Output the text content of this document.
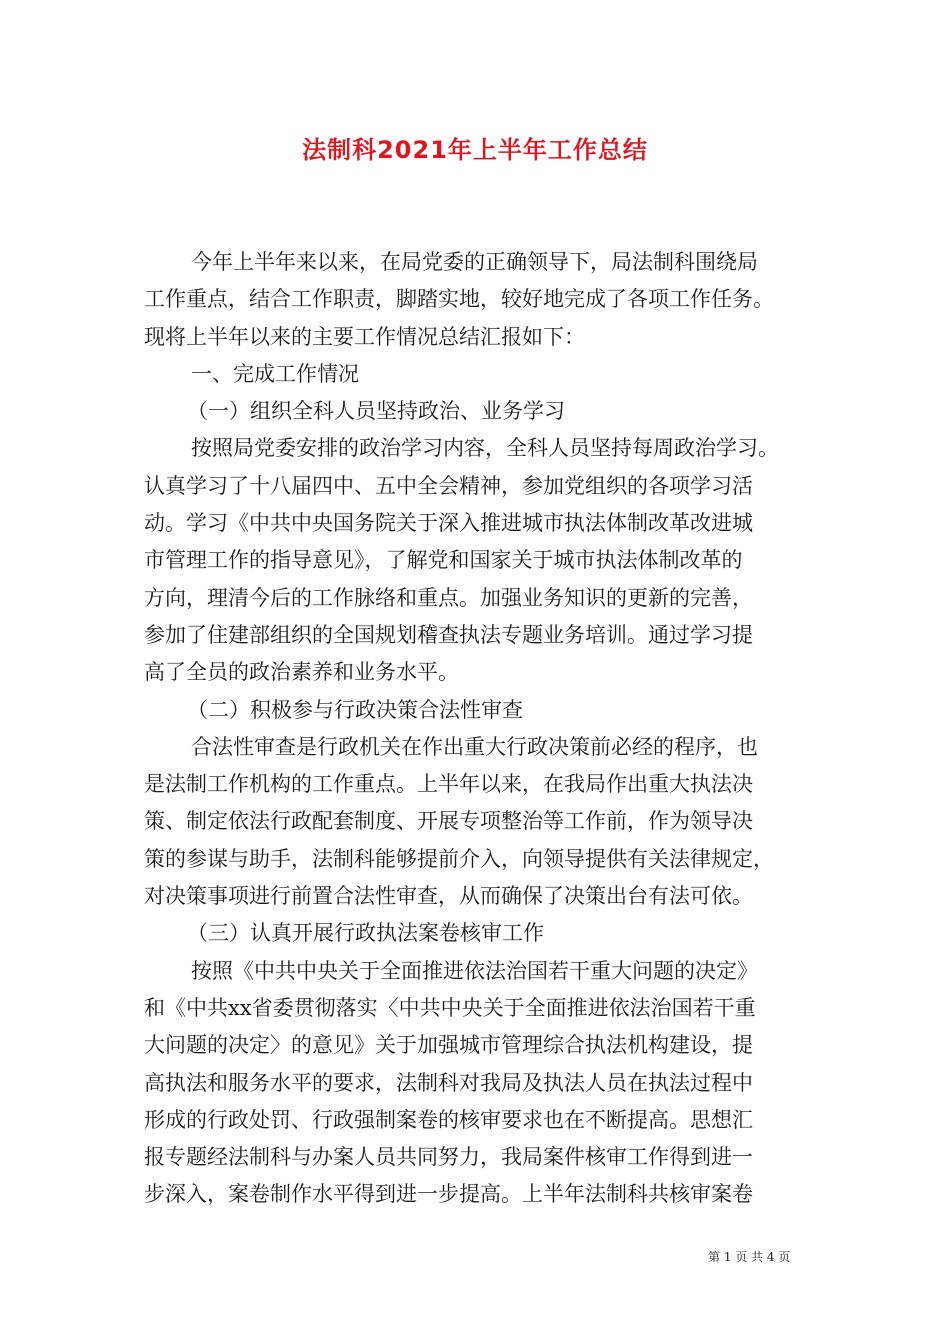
法制科2021年上半年工作总结
今年上半年来以来，在局党委的正确领导下，局法制科围绕局
工作重点，结合工作职责，脚踏实地，较好地完成了各项工作任务。
现将上半年以来的主要工作情况总结汇报如下：
一、完成工作情况
（一）组织全科人员坚持政治、业务学习
按照局党委安排的政治学习内容，全科人员坚持每周政治学习。
认真学习了十八届四中、五中全会精神，参加党组织的各项学习活
动。学习《中共中央国务院关于深入推进城市执法体制改革改进城
市管理工作的指导意见》，了解党和国家关于城市执法体制改革的
方向，理清今后的工作脉络和重点。加强业务知识的更新的完善，
参加了住建部组织的全国规划稽查执法专题业务培训。通过学习提
高了全员的政治素养和业务水平。
（二）积极参与行政决策合法性审查
合法性审查是行政机关在作出重大行政决策前必经的程序，也
是法制工作机构的工作重点。上半年以来，在我局作出重大执法决
策、制定依法行政配套制度、开展专项整治等工作前，作为领导决
策的参谋与助手，法制科能够提前介入，向领导提供有关法律规定，
对决策事项进行前置合法性审查，从而确保了决策出台有法可依。
（三）认真开展行政执法案卷核审工作
按照《中共中央关于全面推进依法治国若干重大问题的决定》
和《中共xx省委贯彻落实〈中共中央关于全面推进依法治国若干重
大问题的决定〉的意见》关于加强城市管理综合执法机构建设，提
高执法和服务水平的要求，法制科对我局及执法人员在执法过程中
形成的行政处罚、行政强制案卷的核审要求也在不断提高。思想汇
报专题经法制科与办案人员共同努力，我局案件核审工作得到进一
步深入，案卷制作水平得到进一步提高。上半年法制科共核审案卷
第 1 页 共 4 页
